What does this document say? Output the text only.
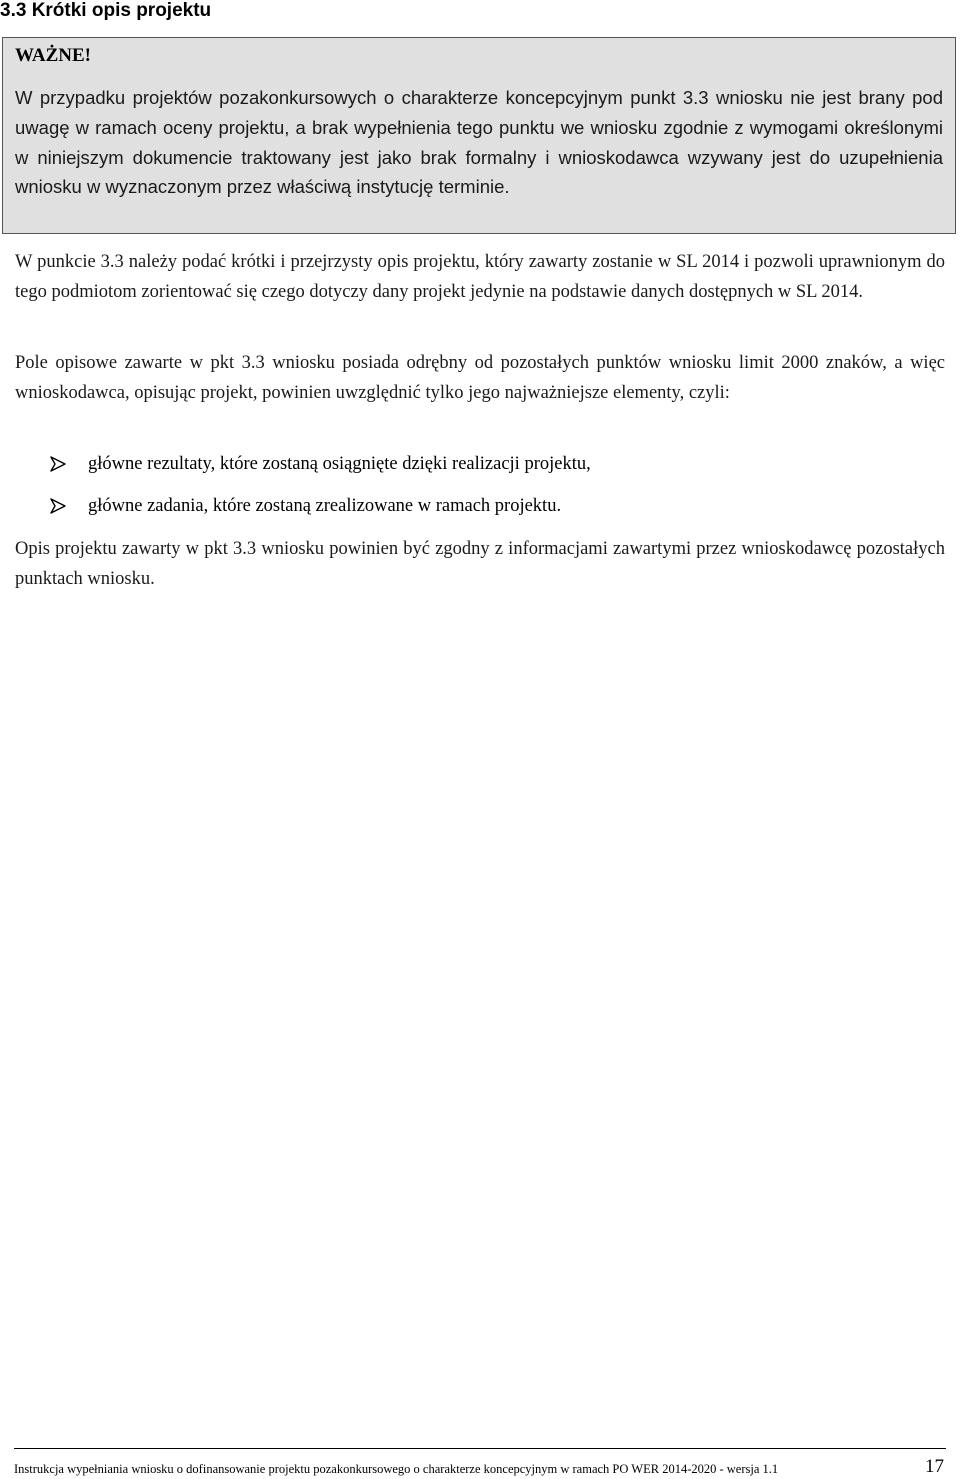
3.3 Krótki opis projektu

WAŻNE!

W przypadku projektów pozakonkursowych o charakterze koncepcyjnym punkt 3.3 wniosku nie jest brany pod uwagę w ramach oceny projektu, a brak wypełnienia tego punktu we wniosku zgodnie z wymogami określonymi w niniejszym dokumencie traktowany jest jako brak formalny i wnioskodawca wzywany jest do uzupełnienia wniosku w wyznaczonym przez właściwą instytucję terminie.

W punkcie 3.3 należy podać krótki i przejrzysty opis projektu, który zawarty zostanie w SL 2014 i pozwoli uprawnionym do tego podmiotom zorientować się czego dotyczy dany projekt jedynie na podstawie danych dostępnych w SL 2014.

Pole opisowe zawarte w pkt 3.3 wniosku posiada odrębny od pozostałych punktów wniosku limit 2000 znaków, a więc wnioskodawca, opisując projekt, powinien uwzględnić tylko jego najważniejsze elementy, czyli:

główne rezultaty, które zostaną osiągnięte dzięki realizacji projektu,
główne zadania, które zostaną zrealizowane w ramach projektu.

Opis projektu zawarty w pkt 3.3 wniosku powinien być zgodny z informacjami zawartymi przez wnioskodawcę pozostałych punktach wniosku.

Instrukcja wypełniania wniosku o dofinansowanie projektu pozakonkursowego o charakterze koncepcyjnym w ramach PO WER 2014-2020 - wersja 1.1	17
